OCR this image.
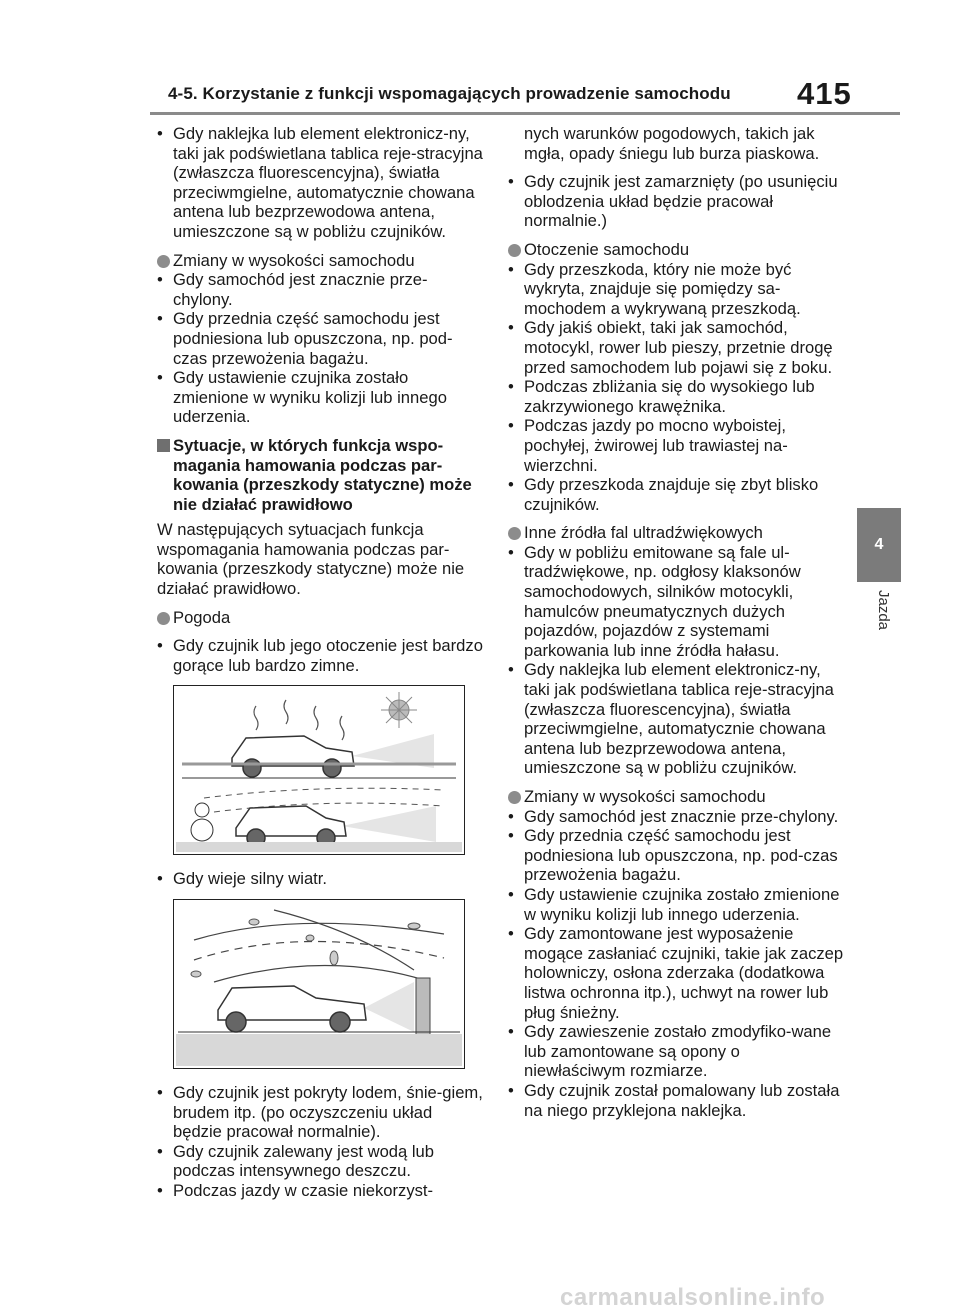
4-5. Korzystanie z funkcji wspomagających prowadzenie samochodu 415
4
Jazda

• Gdy naklejka lub element elektronicz-ny, taki jak podświetlana tablica reje-stracyjna (zwłaszcza fluorescencyjna), światła przeciwmgielne, automatycznie chowana antena lub bezprzewodowa antena, umieszczone są w pobliżu czujników.

Zmiany w wysokości samochodu

• Gdy samochód jest znacznie prze-chylony.

• Gdy przednia część samochodu jest podniesiona lub opuszczona, np. pod-czas przewożenia bagażu.

• Gdy ustawienie czujnika zostało zmienione w wyniku kolizji lub innego uderzenia.

Sytuacje, w których funkcja wspo-magania hamowania podczas par-kowania (przeszkody statyczne) może nie działać prawidłowo

W następujących sytuacjach funkcja wspomagania hamowania podczas par-kowania (przeszkody statyczne) może nie działać prawidłowo.

Pogoda

• Gdy czujnik lub jego otoczenie jest bardzo gorące lub bardzo zimne.

• Gdy wieje silny wiatr.

• Gdy czujnik jest pokryty lodem, śnie-giem, brudem itp. (po oczyszczeniu układ będzie pracował normalnie).

• Gdy czujnik zalewany jest wodą lub podczas intensywnego deszczu.

• Podczas jazdy w czasie niekorzyst-

nych warunków pogodowych, takich jak mgła, opady śniegu lub burza piaskowa.

• Gdy czujnik jest zamarznięty (po usunięciu oblodzenia układ będzie pracował normalnie.)

Otoczenie samochodu

• Gdy przeszkoda, który nie może być wykryta, znajduje się pomiędzy sa-mochodem a wykrywaną przeszkodą.

• Gdy jakiś obiekt, taki jak samochód, motocykl, rower lub pieszy, przetnie drogę przed samochodem lub pojawi się z boku.

• Podczas zbliżania się do wysokiego lub zakrzywionego krawężnika.

• Podczas jazdy po mocno wyboistej, pochyłej, żwirowej lub trawiastej na-wierzchni.

• Gdy przeszkoda znajduje się zbyt blisko czujników.

Inne źródła fal ultradźwiękowych

• Gdy w pobliżu emitowane są fale ul-tradźwiękowe, np. odgłosy klaksonów samochodowych, silników motocykli, hamulców pneumatycznych dużych pojazdów, pojazdów z systemami parkowania lub inne źródła hałasu.

• Gdy naklejka lub element elektronicz-ny, taki jak podświetlana tablica reje-stracyjna (zwłaszcza fluorescencyjna), światła przeciwmgielne, automatycznie chowana antena lub bezprzewodowa antena, umieszczone są w pobliżu czujników.

Zmiany w wysokości samochodu

• Gdy samochód jest znacznie prze-chylony.

• Gdy przednia część samochodu jest podniesiona lub opuszczona, np. pod-czas przewożenia bagażu.

• Gdy ustawienie czujnika zostało zmienione w wyniku kolizji lub innego uderzenia.

• Gdy zamontowane jest wyposażenie mogące zasłaniać czujniki, takie jak zaczep holowniczy, osłona zderzaka (dodatkowa listwa ochronna itp.), uchwyt na rower lub pług śnieżny.

• Gdy zawieszenie zostało zmodyfiko-wane lub zamontowane są opony o niewłaściwym rozmiarze.

• Gdy czujnik został pomalowany lub została na niego przyklejona naklejka.

carmanualsonline.info
